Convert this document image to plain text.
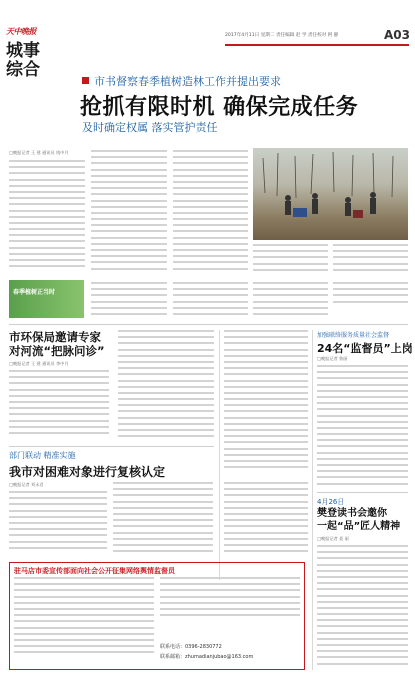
天中晚报
城事
综合
2017年4月11日 星期二 责任编辑 赵 学 责任校对 阿 静	A03
市书督察春季植树造林工作并提出要求
抢抓有限时机 确保完成任务
及时确定权属 落实管护责任
□晚报记者 王 建 通讯员 钱中月
春季植树正当时
市环保局邀请专家
对河流“把脉问诊”
□晚报记者 王 建 通讯员 李中月
部门联动 精准实施
我市对困难对象进行复核认定
□晚报记者 刘永君
驻马店市委宣传部面向社会公开征集网络舆情监督员
联系电话：0396-2830772
联系邮箱：zhumadianjubao@163.com
加强联络服务质量社会监督
24名“监督员”上岗
□晚报记者 鲁丽
4月26日
樊登读书会邀你
一起“品”匠人精神
□晚报记者 聂 丽
